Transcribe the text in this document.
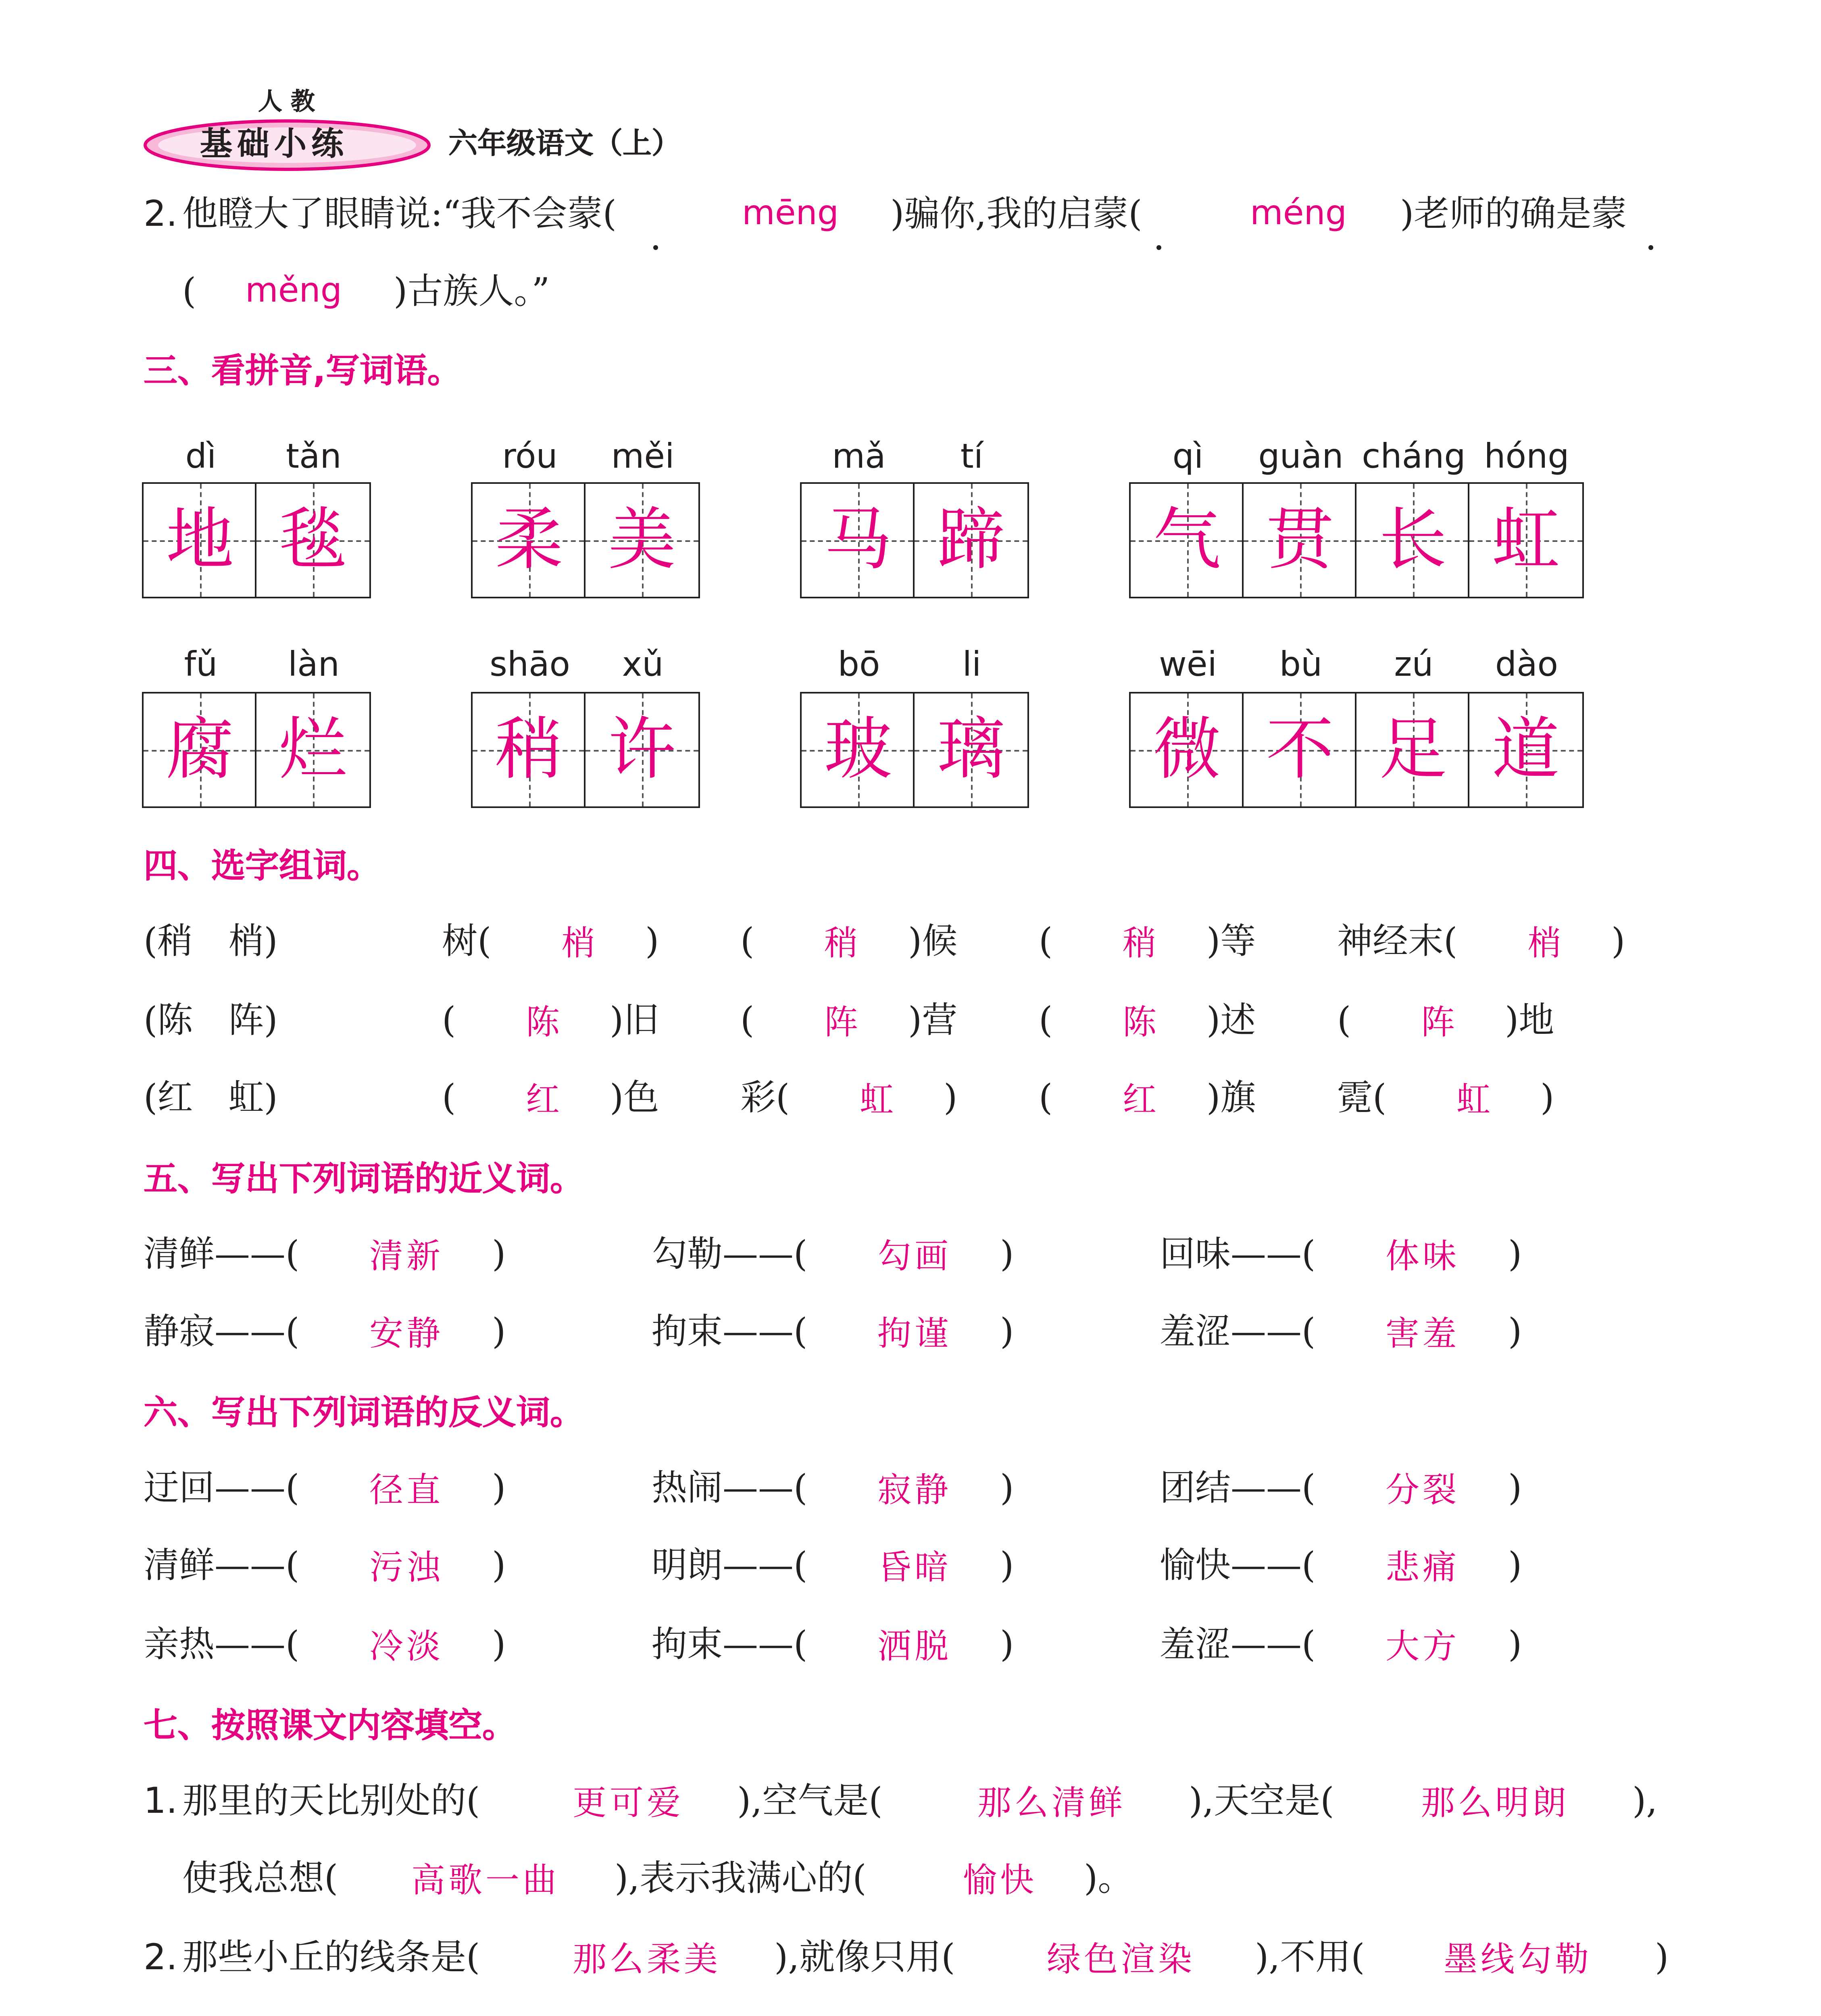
人 教
基础小练	六年级语文（上）
2. 他瞪大了眼睛说:“我不会蒙(	mēng	)骗你,我的启蒙(	méng	)老师的确是蒙
(	měng	)古族人。”
三、看拼音,写词语。
dì	tǎn
地	毯
róu	měi
柔	美
mǎ	tí
马	蹄
qì	guàn	cháng	hóng
气	贯	长	虹
fǔ	làn
腐	烂
shāo	xǔ
稍	许
bō	li
玻	璃
wēi	bù	zú	dào
微	不	足	道
四、选字组词。
(稍　梢)	树(	梢	)	(	稍	)候	(	稍	)等	神经末(	梢	)
(陈　阵)	(	陈	)旧	(	阵	)营	(	陈	)述	(	阵	)地
(红　虹)	(	红	)色	彩(	虹	)	(	红	)旗	霓(	虹	)
五、写出下列词语的近义词。
清鲜——(	清新	)	勾勒——(	勾画	)	回味——(	体味	)
静寂——(	安静	)	拘束——(	拘谨	)	羞涩——(	害羞	)
六、写出下列词语的反义词。
迂回——(	径直	)	热闹——(	寂静	)	团结——(	分裂	)
清鲜——(	污浊	)	明朗——(	昏暗	)	愉快——(	悲痛	)
亲热——(	冷淡	)	拘束——(	洒脱	)	羞涩——(	大方	)
七、按照课文内容填空。
1. 那里的天比别处的(	更可爱	),空气是(	那么清鲜	),天空是(	那么明朗	),
使我总想(	高歌一曲	),表示我满心的(	愉快	)。
2. 那些小丘的线条是(	那么柔美	),就像只用(	绿色渲染	),不用(	墨线勾勒	)
